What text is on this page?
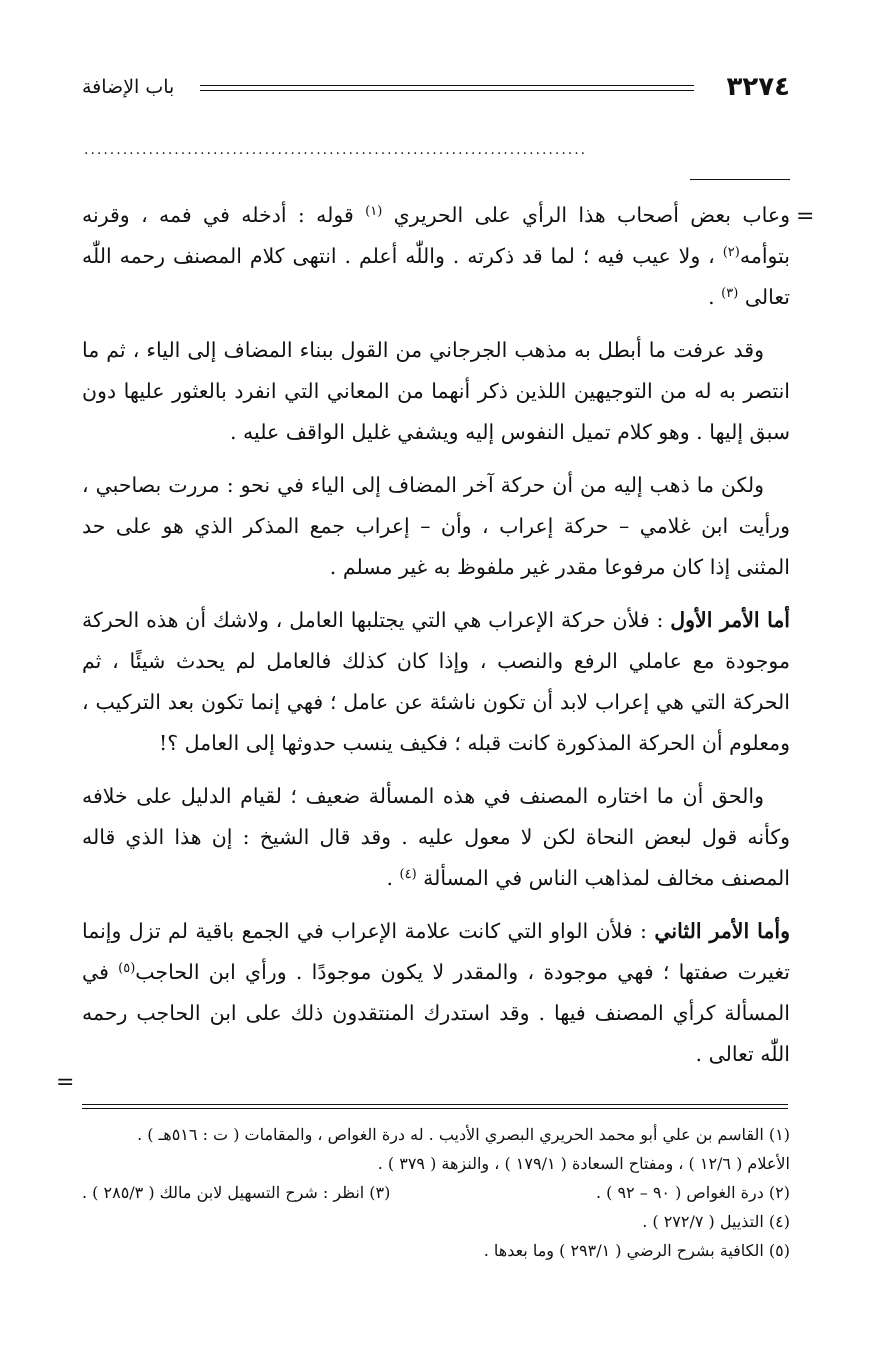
٣٢٧٤
باب الإضافة
..............................................................................
=
=

وعاب بعض أصحاب هذا الرأي على الحريري $^{(١)}$ قوله : أدخله في فمه ، وقرنه بتوأمه$^{(٢)}$ ، ولا عيب فيه ؛ لما قد ذكرته . واللّٰه أعلم . انتهى كلام المصنف رحمه اللّٰه تعالى $^{(٣)}$ .

وقد عرفت ما أبطل به مذهب الجرجاني من القول ببناء المضاف إلى الياء ، ثم ما انتصر به له من التوجيهين اللذين ذكر أنهما من المعاني التي انفرد بالعثور عليها دون سبق إليها . وهو كلام تميل النفوس إليه ويشفي غليل الواقف عليه .

ولكن ما ذهب إليه من أن حركة آخر المضاف إلى الياء في نحو : مررت بصاحبي ، ورأيت ابن غلامي – حركة إعراب ، وأن – إعراب جمع المذكر الذي هو على حد المثنى إذا كان مرفوعا مقدر غير ملفوظ به غير مسلم .

أما الأمر الأول : فلأن حركة الإعراب هي التي يجتلبها العامل ، ولاشك أن هذه الحركة موجودة مع عاملي الرفع والنصب ، وإذا كان كذلك فالعامل لم يحدث شيئًا ، ثم الحركة التي هي إعراب لابد أن تكون ناشئة عن عامل ؛ فهي إنما تكون بعد التركيب ، ومعلوم أن الحركة المذكورة كانت قبله ؛ فكيف ينسب حدوثها إلى العامل ؟!

والحق أن ما اختاره المصنف في هذه المسألة ضعيف ؛ لقيام الدليل على خلافه وكأنه قول لبعض النحاة لكن لا معول عليه . وقد قال الشيخ : إن هذا الذي قاله المصنف مخالف لمذاهب الناس في المسألة $^{(٤)}$ .

وأما الأمر الثاني : فلأن الواو التي كانت علامة الإعراب في الجمع باقية لم تزل وإنما تغيرت صفتها ؛ فهي موجودة ، والمقدر لا يكون موجودًا . ورأي ابن الحاجب$^{(٥)}$ في المسألة كرأي المصنف فيها . وقد استدرك المنتقدون ذلك على ابن الحاجب رحمه اللّٰه تعالى .

(١) القاسم بن علي أبو محمد الحريري البصري الأديب . له درة الغواص ، والمقامات ( ت : ٥١٦هـ ) .

الأعلام ( ١٢/٦ ) ، ومفتاح السعادة ( ١٧٩/١ ) ، والنزهة ( ٣٧٩ ) .

(٢) درة الغواص ( ٩٠ – ٩٢ ) .

(٣) انظر : شرح التسهيل لابن مالك ( ٢٨٥/٣ ) .

(٤) التذييل ( ٢٧٢/٧ ) .

(٥) الكافية بشرح الرضي ( ٢٩٣/١ ) وما بعدها .
